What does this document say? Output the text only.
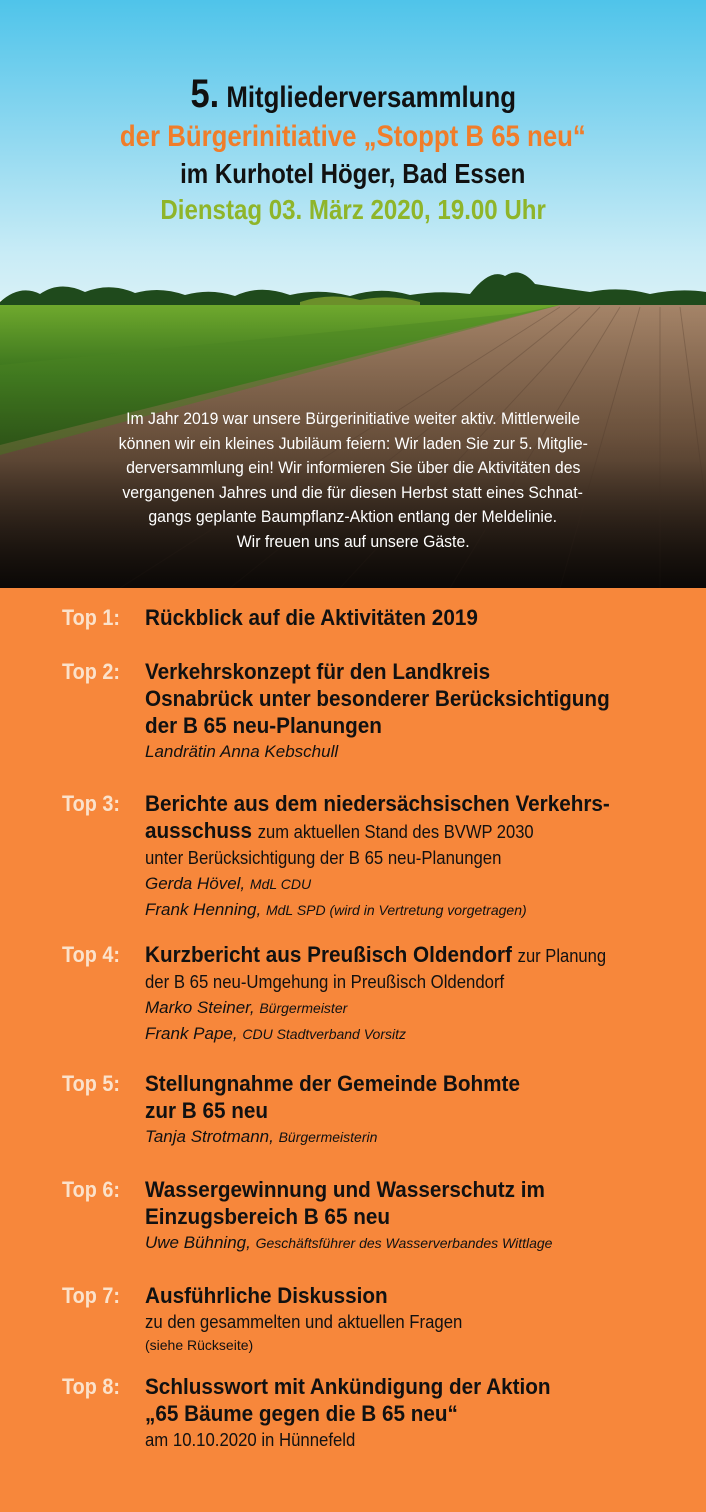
5. Mitgliederversammlung
der Bürgerinitiative „Stoppt B 65 neu“
im Kurhotel Höger, Bad Essen
Dienstag 03. März 2020, 19.00 Uhr

Im Jahr 2019 war unsere Bürgerinitiative weiter aktiv. Mittlerweile

können wir ein kleines Jubiläum feiern: Wir laden Sie zur 5. Mitglie-

derversammlung ein! Wir informieren Sie über die Aktivitäten des

vergangenen Jahres und die für diesen Herbst statt eines Schnat-

gangs geplante Baumpflanz-Aktion entlang der Meldelinie.

Wir freuen uns auf unsere Gäste.

Top 1: Rückblick auf die Aktivitäten 2019

Top 2: Verkehrskonzept für den Landkreis

Osnabrück unter besonderer Berücksichtigung

der B 65 neu-Planungen

Landrätin Anna Kebschull

Top 3: Berichte aus dem niedersächsischen Verkehrs-

ausschuss zum aktuellen Stand des BVWP 2030

unter Berücksichtigung der B 65 neu-Planungen

Gerda Hövel, MdL CDU

Frank Henning, MdL SPD (wird in Vertretung vorgetragen)

Top 4: Kurzbericht aus Preußisch Oldendorf zur Planung

der B 65 neu-Umgehung in Preußisch Oldendorf

Marko Steiner, Bürgermeister

Frank Pape, CDU Stadtverband Vorsitz

Top 5: Stellungnahme der Gemeinde Bohmte

zur B 65 neu

Tanja Strotmann, Bürgermeisterin

Top 6: Wassergewinnung und Wasserschutz im

Einzugsbereich B 65 neu

Uwe Bühning, Geschäftsführer des Wasserverbandes Wittlage

Top 7: Ausführliche Diskussion

zu den gesammelten und aktuellen Fragen

(siehe Rückseite)

Top 8: Schlusswort mit Ankündigung der Aktion

„65 Bäume gegen die B 65 neu“

am 10.10.2020 in Hünnefeld
